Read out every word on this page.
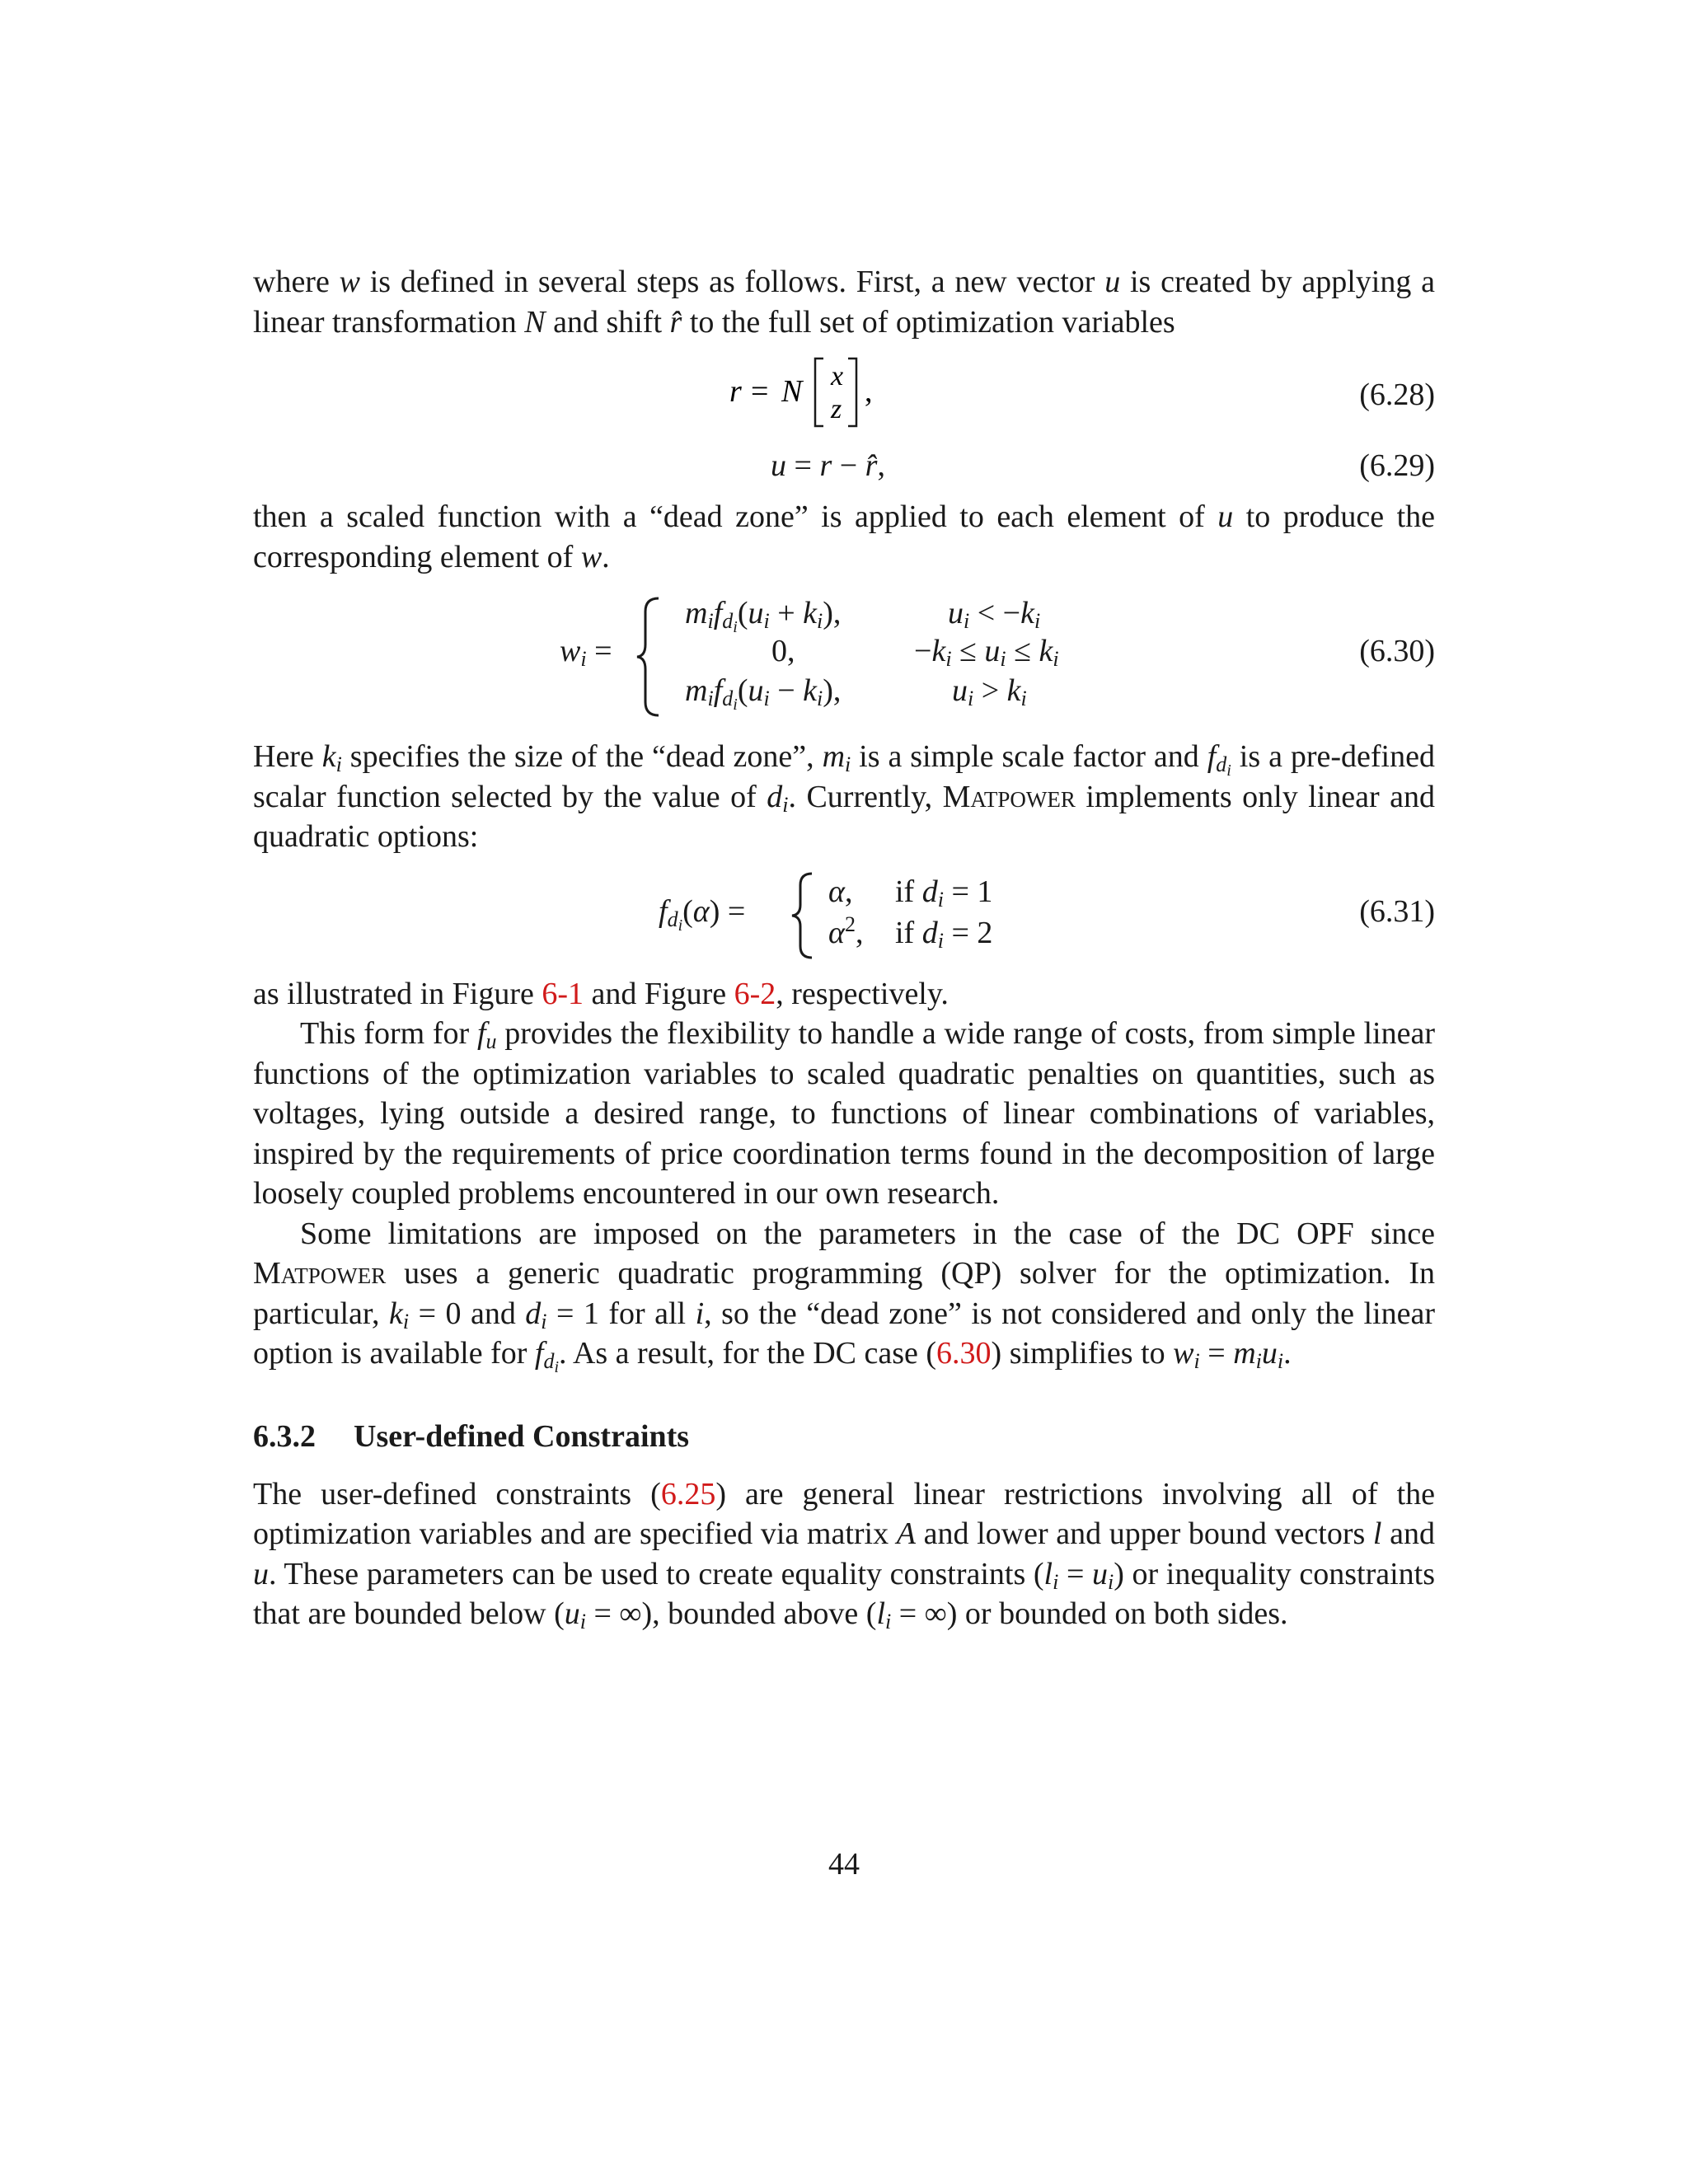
where w is defined in several steps as follows. First, a new vector u is created by applying a linear transformation N and shift r̂ to the full set of optimization variables

r = N x
z
,	(6.28)
u = r − r̂,	(6.29)

then a scaled function with a “dead zone” is applied to each element of u to produce the corresponding element of w.

$w_i$ =
$m_if_{d_i}(u_i + k_i)$,	$u_i < -k_i$
0,	$-k_i \le u_i \le k_i$
$m_if_{d_i}(u_i - k_i)$,	$u_i > k_i$
(6.30)

Here $k_i$ specifies the size of the “dead zone”, $m_i$ is a simple scale factor and $f_{d_i}$ is a pre-defined scalar function selected by the value of $d_i$. Currently, Matpower implements only linear and quadratic options:

$f_{d_i}(\alpha)$ =
α, if $d_i = 1$
$\alpha^2$, if $d_i = 2$
(6.31)

as illustrated in Figure 6-1 and Figure 6-2, respectively.

This form for $f_u$ provides the flexibility to handle a wide range of costs, from simple linear functions of the optimization variables to scaled quadratic penalties on quantities, such as voltages, lying outside a desired range, to functions of linear combinations of variables, inspired by the requirements of price coordination terms found in the decomposition of large loosely coupled problems encountered in our own research.

Some limitations are imposed on the parameters in the case of the DC OPF since Matpower uses a generic quadratic programming (QP) solver for the optimization. In particular, $k_i = 0$ and $d_i = 1$ for all i, so the “dead zone” is not considered and only the linear option is available for $f_{d_i}$. As a result, for the DC case (6.30) simplifies to $w_i = m_iu_i$.

6.3.2 User-defined Constraints

The user-defined constraints (6.25) are general linear restrictions involving all of the optimization variables and are specified via matrix A and lower and upper bound vectors l and u. These parameters can be used to create equality constraints $(l_i = u_i)$ or inequality constraints that are bounded below ($u_i$ = ∞), bounded above ($l_i$ = ∞) or bounded on both sides.

44
